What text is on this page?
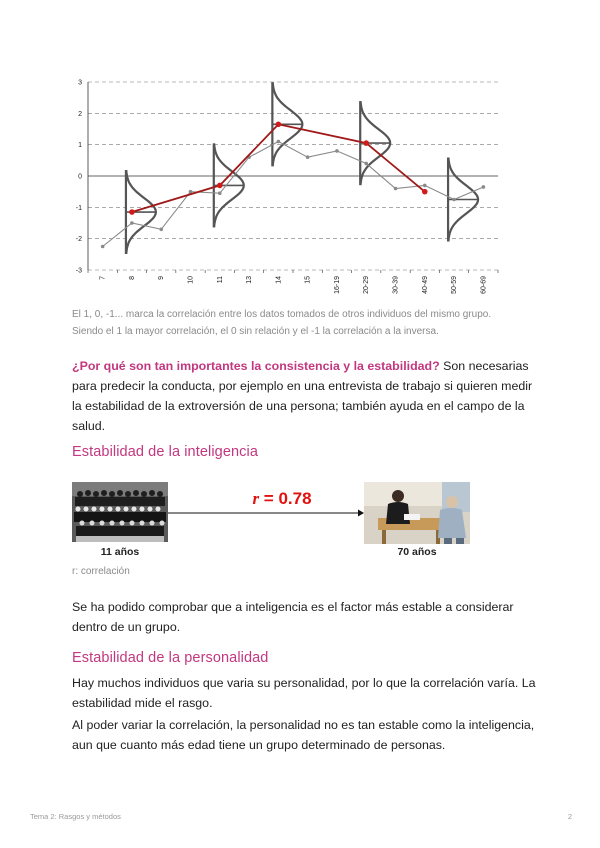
3
2
1
0
-1
-2
-3
7	8	9	10	11	13	14	15	16-19	20-29	30-39	40-49	50-59	60-69
El 1, 0, -1... marca la correlación entre los datos tomados de otros individuos del mismo grupo.
Siendo el 1 la mayor correlación, el 0 sin relación y el -1 la correlación a la inversa.

¿Por qué son tan importantes la consistencia y la estabilidad? Son necesarias para predecir la conducta, por ejemplo en una entrevista de trabajo si quieren medir la estabilidad de la extroversión de una persona; también ayuda en el campo de la salud.

Estabilidad de la inteligencia
11 años
r = 0.78
70 años
r: correlación

Se ha podido comprobar que a inteligencia es el factor más estable a considerar dentro de un grupo.

Estabilidad de la personalidad

Hay muchos individuos que varia su personalidad, por lo que la correlación varía. La estabilidad mide el rasgo.

Al poder variar la correlación, la personalidad no es tan estable como la inteligencia, aun que cuanto más edad tiene un grupo determinado de personas.

Tema 2: Rasgos y métodos	2
